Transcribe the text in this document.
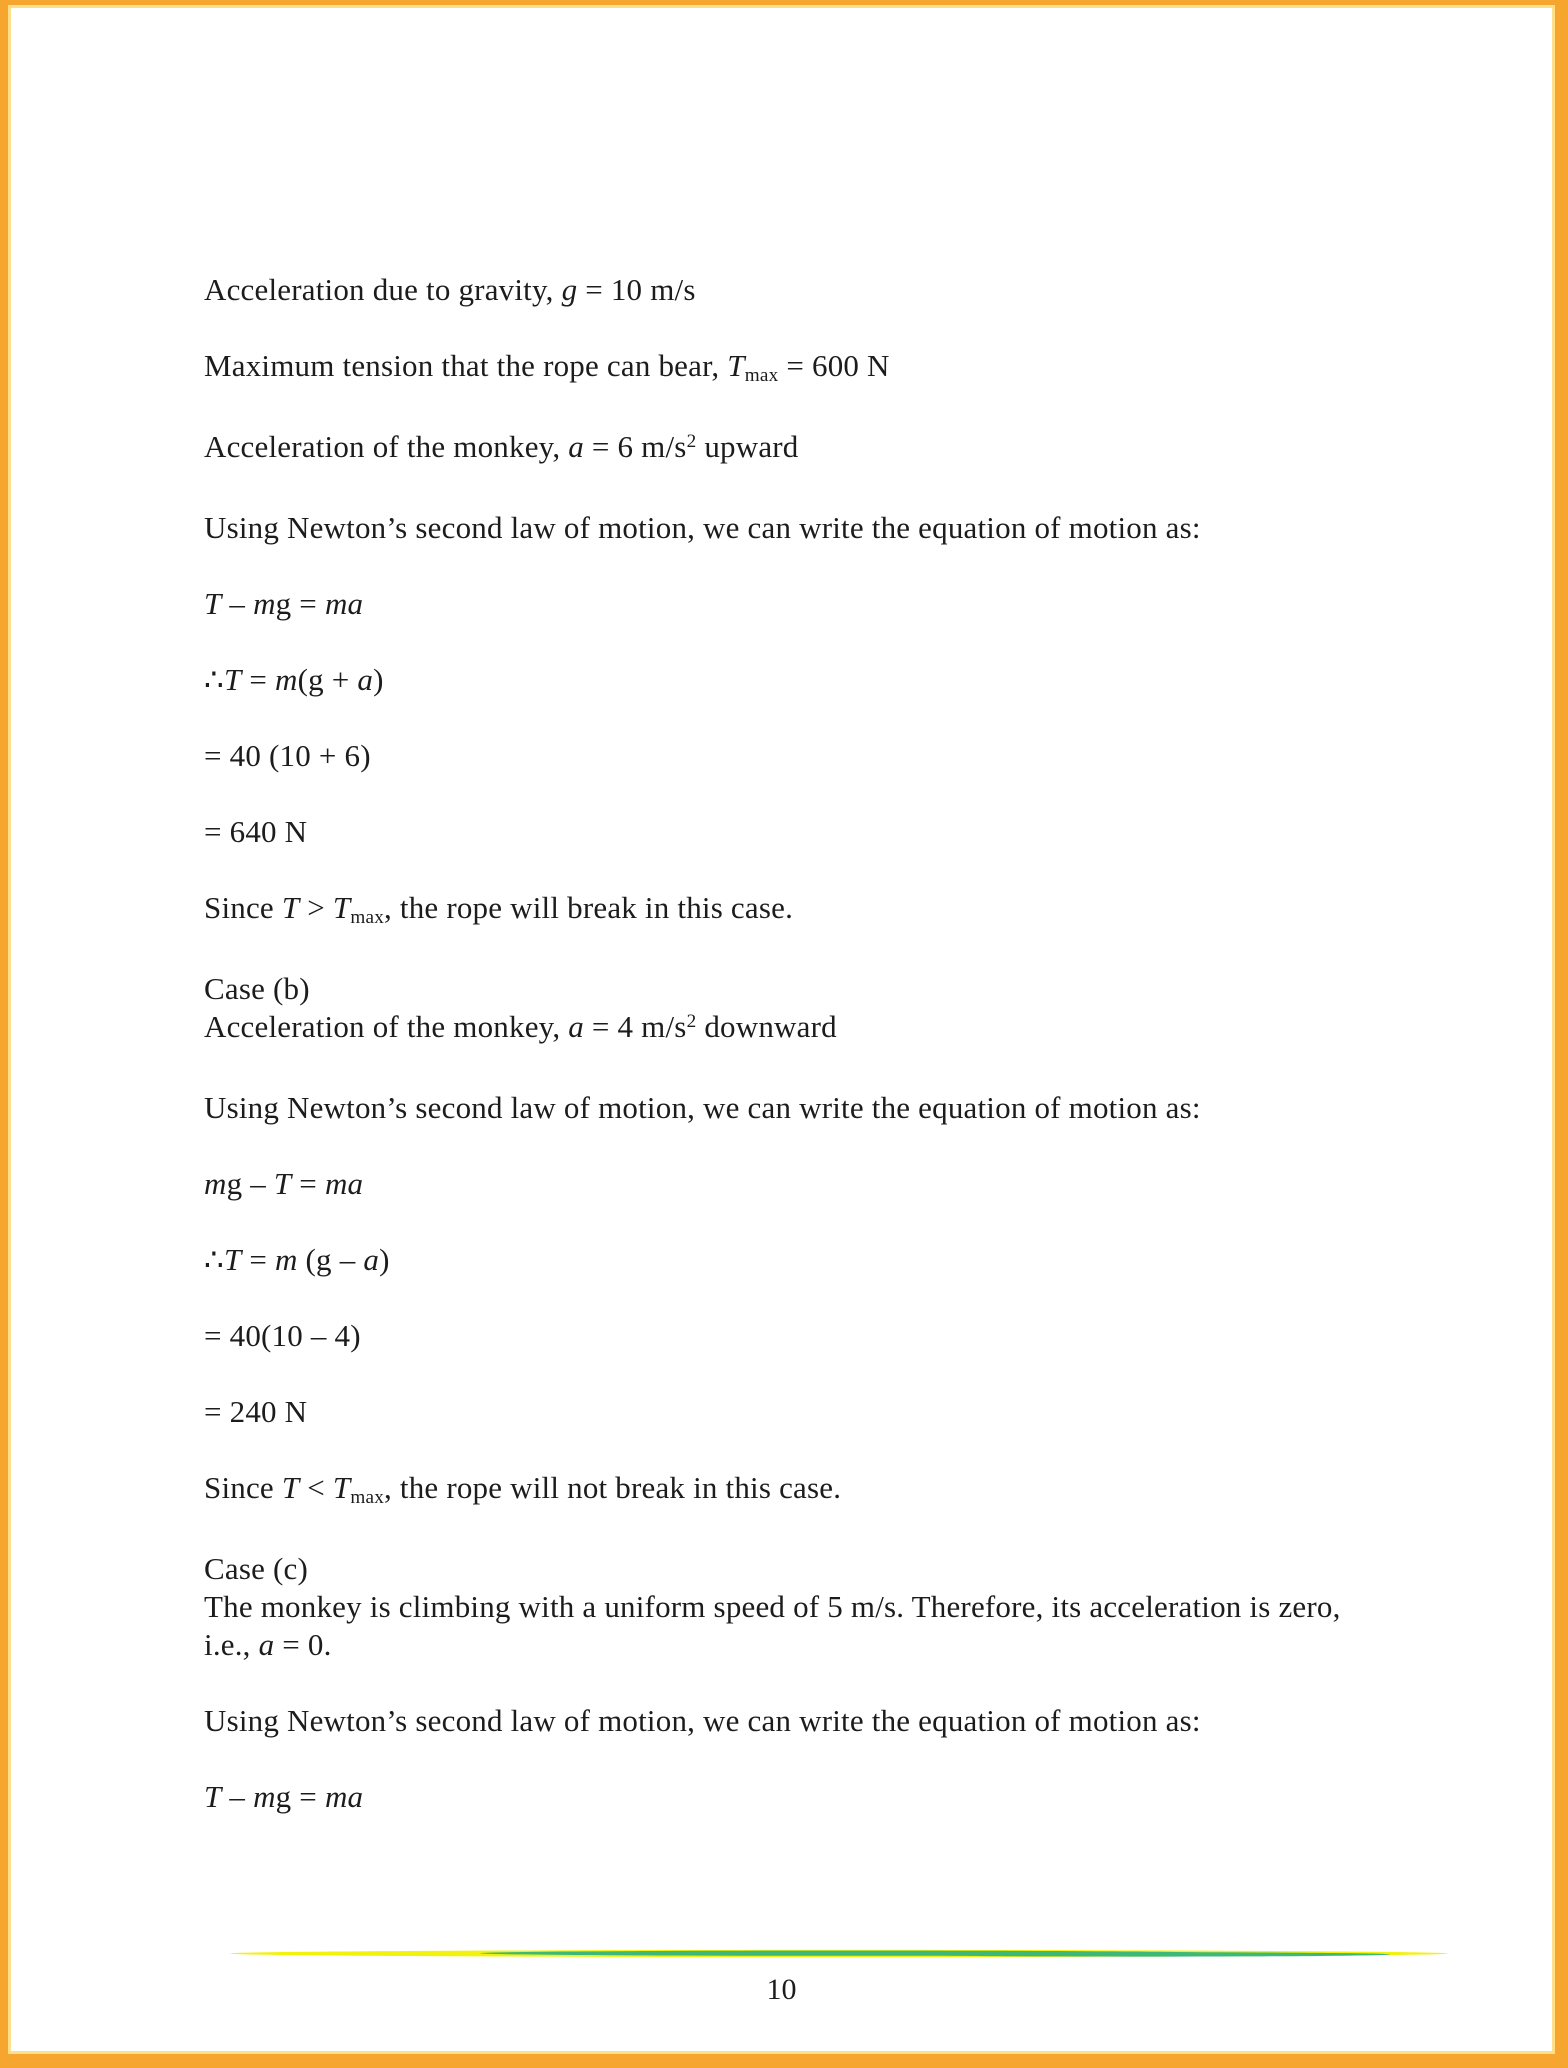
Acceleration due to gravity, g = 10 m/s
Maximum tension that the rope can bear, Tmax = 600 N
Acceleration of the monkey, a = 6 $m/s^2$ upward
Using Newton’s second law of motion, we can write the equation of motion as:
T – mg = ma
∴T = m(g + a)
= 40 (10 + 6)
= 640 N
Since T > Tmax, the rope will break in this case.
Case (b)
Acceleration of the monkey, a = 4 $m/s^2$ downward
Using Newton’s second law of motion, we can write the equation of motion as:
mg – T = ma
∴T = m (g – a)
= 40(10 – 4)
= 240 N
Since T < Tmax, the rope will not break in this case.
Case (c)
The monkey is climbing with a uniform speed of 5 m/s. Therefore, its acceleration is zero,
i.e., a = 0.
Using Newton’s second law of motion, we can write the equation of motion as:
T – mg = ma
10
